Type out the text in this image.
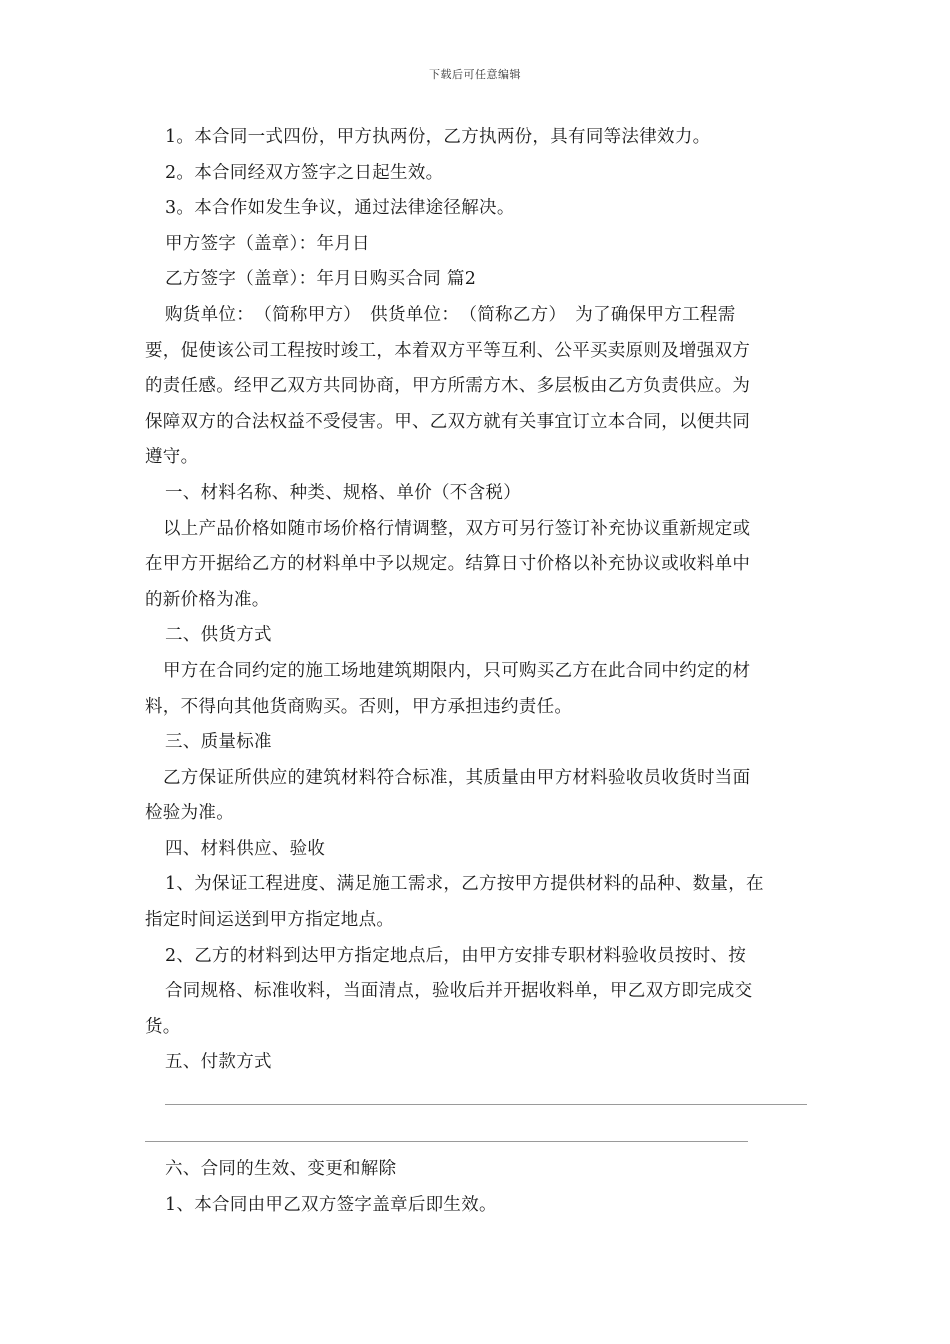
下载后可任意编辑
1。本合同一式四份，甲方执两份，乙方执两份，具有同等法律效力。
2。本合同经双方签字之日起生效。
3。本合作如发生争议，通过法律途径解决。
甲方签字（盖章）：年月日
乙方签字（盖章）：年月日购买合同 篇2
购货单位：　（简称甲方）　供货单位：　（简称乙方）　为了确保甲方工程需
要，促使该公司工程按时竣工，本着双方平等互利、公平买卖原则及增强双方
的责任感。经甲乙双方共同协商，甲方所需方木、多层板由乙方负责供应。为
保障双方的合法权益不受侵害。甲、乙双方就有关事宜订立本合同，以便共同
遵守。
一、材料名称、种类、规格、单价（不含税）
以上产品价格如随市场价格行情调整，双方可另行签订补充协议重新规定或
在甲方开据给乙方的材料单中予以规定。结算日寸价格以补充协议或收料单中
的新价格为准。
二、供货方式
甲方在合同约定的施工场地建筑期限内，只可购买乙方在此合同中约定的材
料，不得向其他货商购买。否则，甲方承担违约责任。
三、质量标准
乙方保证所供应的建筑材料符合标准，其质量由甲方材料验收员收货时当面
检验为准。
四、材料供应、验收
1、为保证工程进度、满足施工需求，乙方按甲方提供材料的品种、数量，在
指定时间运送到甲方指定地点。
2、乙方的材料到达甲方指定地点后，由甲方安排专职材料验收员按时、按
合同规格、标准收料，当面清点，验收后并开据收料单，甲乙双方即完成交
货。
五、付款方式
六、合同的生效、变更和解除
1、本合同由甲乙双方签字盖章后即生效。
